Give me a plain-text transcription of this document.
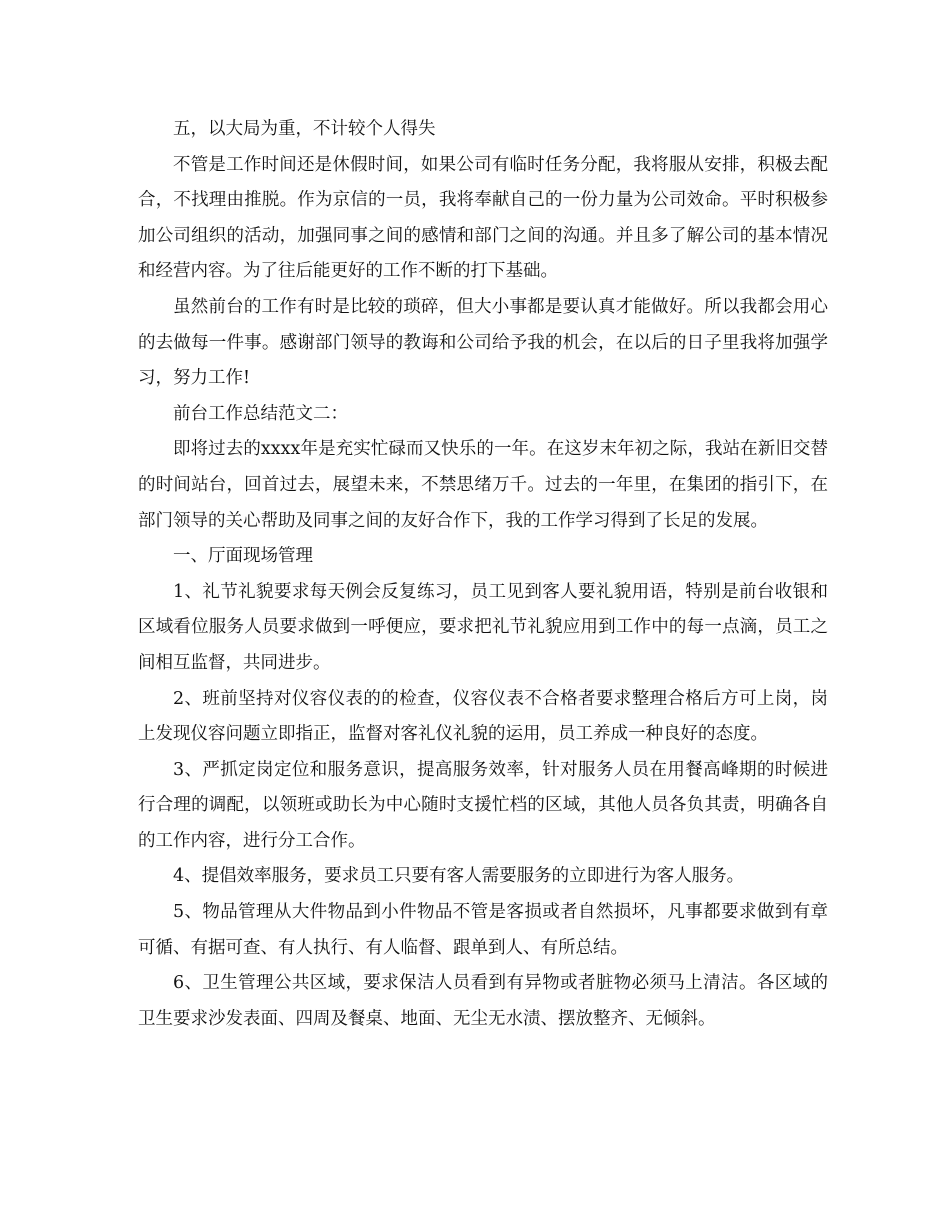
五，以大局为重，不计较个人得失

不管是工作时间还是休假时间，如果公司有临时任务分配，我将服从安排，积极去配合，不找理由推脱。作为京信的一员，我将奉献自己的一份力量为公司效命。平时积极参加公司组织的活动，加强同事之间的感情和部门之间的沟通。并且多了解公司的基本情况和经营内容。为了往后能更好的工作不断的打下基础。

虽然前台的工作有时是比较的琐碎，但大小事都是要认真才能做好。所以我都会用心的去做每一件事。感谢部门领导的教诲和公司给予我的机会，在以后的日子里我将加强学习，努力工作!

前台工作总结范文二：

即将过去的xxxx年是充实忙碌而又快乐的一年。在这岁末年初之际，我站在新旧交替的时间站台，回首过去，展望未来，不禁思绪万千。过去的一年里，在集团的指引下，在部门领导的关心帮助及同事之间的友好合作下，我的工作学习得到了长足的发展。

一、厅面现场管理

1、礼节礼貌要求每天例会反复练习，员工见到客人要礼貌用语，特别是前台收银和区域看位服务人员要求做到一呼便应，要求把礼节礼貌应用到工作中的每一点滴，员工之间相互监督，共同进步。

2、班前坚持对仪容仪表的的检查，仪容仪表不合格者要求整理合格后方可上岗，岗上发现仪容问题立即指正，监督对客礼仪礼貌的运用，员工养成一种良好的态度。

3、严抓定岗定位和服务意识，提高服务效率，针对服务人员在用餐高峰期的时候进行合理的调配，以领班或助长为中心随时支援忙档的区域，其他人员各负其责，明确各自的工作内容，进行分工合作。

4、提倡效率服务，要求员工只要有客人需要服务的立即进行为客人服务。

5、物品管理从大件物品到小件物品不管是客损或者自然损坏，凡事都要求做到有章可循、有据可查、有人执行、有人临督、跟单到人、有所总结。

6、卫生管理公共区域，要求保洁人员看到有异物或者脏物必须马上清洁。各区域的卫生要求沙发表面、四周及餐桌、地面、无尘无水渍、摆放整齐、无倾斜。
